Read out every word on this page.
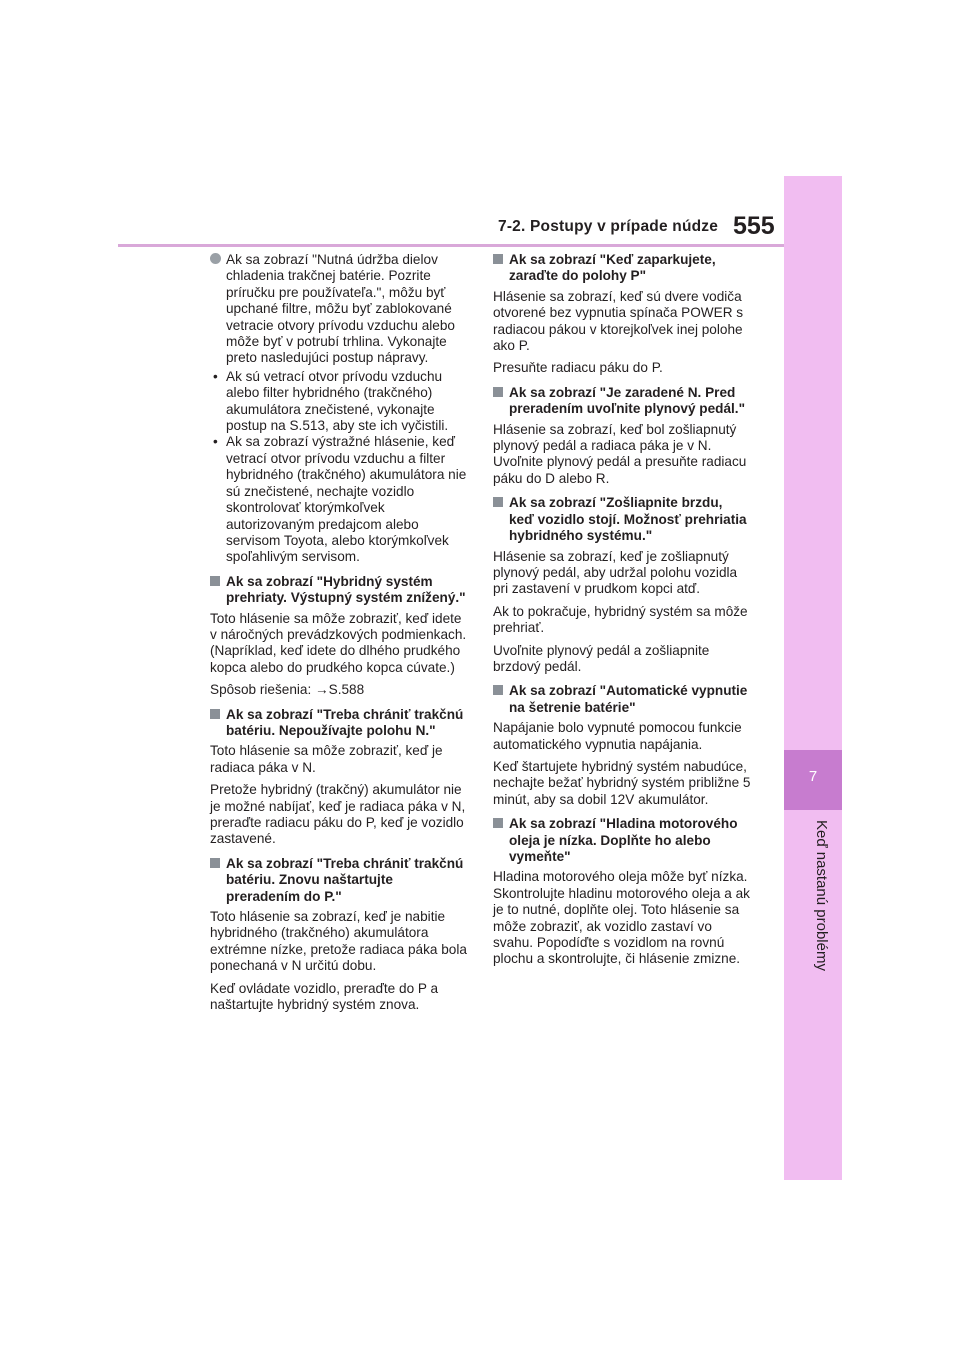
7
Keď nastanú problémy
7-2. Postupy v prípade núdze 555
Ak sa zobrazí "Nutná údržba dielov chladenia trakčnej batérie. Pozrite príručku pre používateľa.", môžu byť upchané filtre, môžu byť zablokované vetracie otvory prívodu vzduchu alebo môže byť v potrubí trhlina. Vykonajte preto nasledujúci postup nápravy.
• Ak sú vetrací otvor prívodu vzduchu alebo filter hybridného (trakčného) akumulátora znečistené, vykonajte postup na S.513, aby ste ich vyčistili.
• Ak sa zobrazí výstražné hlásenie, keď vetrací otvor prívodu vzduchu a filter hybridného (trakčného) akumulátora nie sú znečistené, nechajte vozidlo skontrolovať ktorýmkoľvek autorizovaným predajcom alebo servisom Toyota, alebo ktorýmkoľvek spoľahlivým servisom.
Ak sa zobrazí "Hybridný systém prehriaty. Výstupný systém znížený."

Toto hlásenie sa môže zobraziť, keď idete v náročných prevádzkových podmienkach. (Napríklad, keď idete do dlhého prudkého kopca alebo do prudkého kopca cúvate.)

Spôsob riešenia: →S.588

Ak sa zobrazí "Treba chrániť trakčnú batériu. Nepoužívajte polohu N."

Toto hlásenie sa môže zobraziť, keď je radiaca páka v N.

Pretože hybridný (trakčný) akumulátor nie je možné nabíjať, keď je radiaca páka v N, preraďte radiacu páku do P, keď je vozidlo zastavené.

Ak sa zobrazí "Treba chrániť trakčnú batériu. Znovu naštartujte preradením do P."

Toto hlásenie sa zobrazí, keď je nabitie hybridného (trakčného) akumulátora extrémne nízke, pretože radiaca páka bola ponechaná v N určitú dobu.

Keď ovládate vozidlo, preraďte do P a naštartujte hybridný systém znova.

Ak sa zobrazí "Keď zaparkujete, zaraďte do polohy P"

Hlásenie sa zobrazí, keď sú dvere vodiča otvorené bez vypnutia spínača POWER s radiacou pákou v ktorejkoľvek inej polohe ako P.

Presuňte radiacu páku do P.

Ak sa zobrazí "Je zaradené N. Pred preradením uvoľnite plynový pedál."

Hlásenie sa zobrazí, keď bol zošliapnutý plynový pedál a radiaca páka je v N. Uvoľnite plynový pedál a presuňte radiacu páku do D alebo R.

Ak sa zobrazí "Zošliapnite brzdu, keď vozidlo stojí. Možnosť prehriatia hybridného systému."

Hlásenie sa zobrazí, keď je zošliapnutý plynový pedál, aby udržal polohu vozidla pri zastavení v prudkom kopci atď.

Ak to pokračuje, hybridný systém sa môže prehriať.

Uvoľnite plynový pedál a zošliapnite brzdový pedál.

Ak sa zobrazí "Automatické vypnutie na šetrenie batérie"

Napájanie bolo vypnuté pomocou funkcie automatického vypnutia napájania.

Keď štartujete hybridný systém nabudúce, nechajte bežať hybridný systém približne 5 minút, aby sa dobil 12V akumulátor.

Ak sa zobrazí "Hladina motorového oleja je nízka. Doplňte ho alebo vymeňte"

Hladina motorového oleja môže byť nízka. Skontrolujte hladinu motorového oleja a ak je to nutné, doplňte olej. Toto hlásenie sa môže zobraziť, ak vozidlo zastaví vo svahu. Popodíďte s vozidlom na rovnú plochu a skontrolujte, či hlásenie zmizne.
